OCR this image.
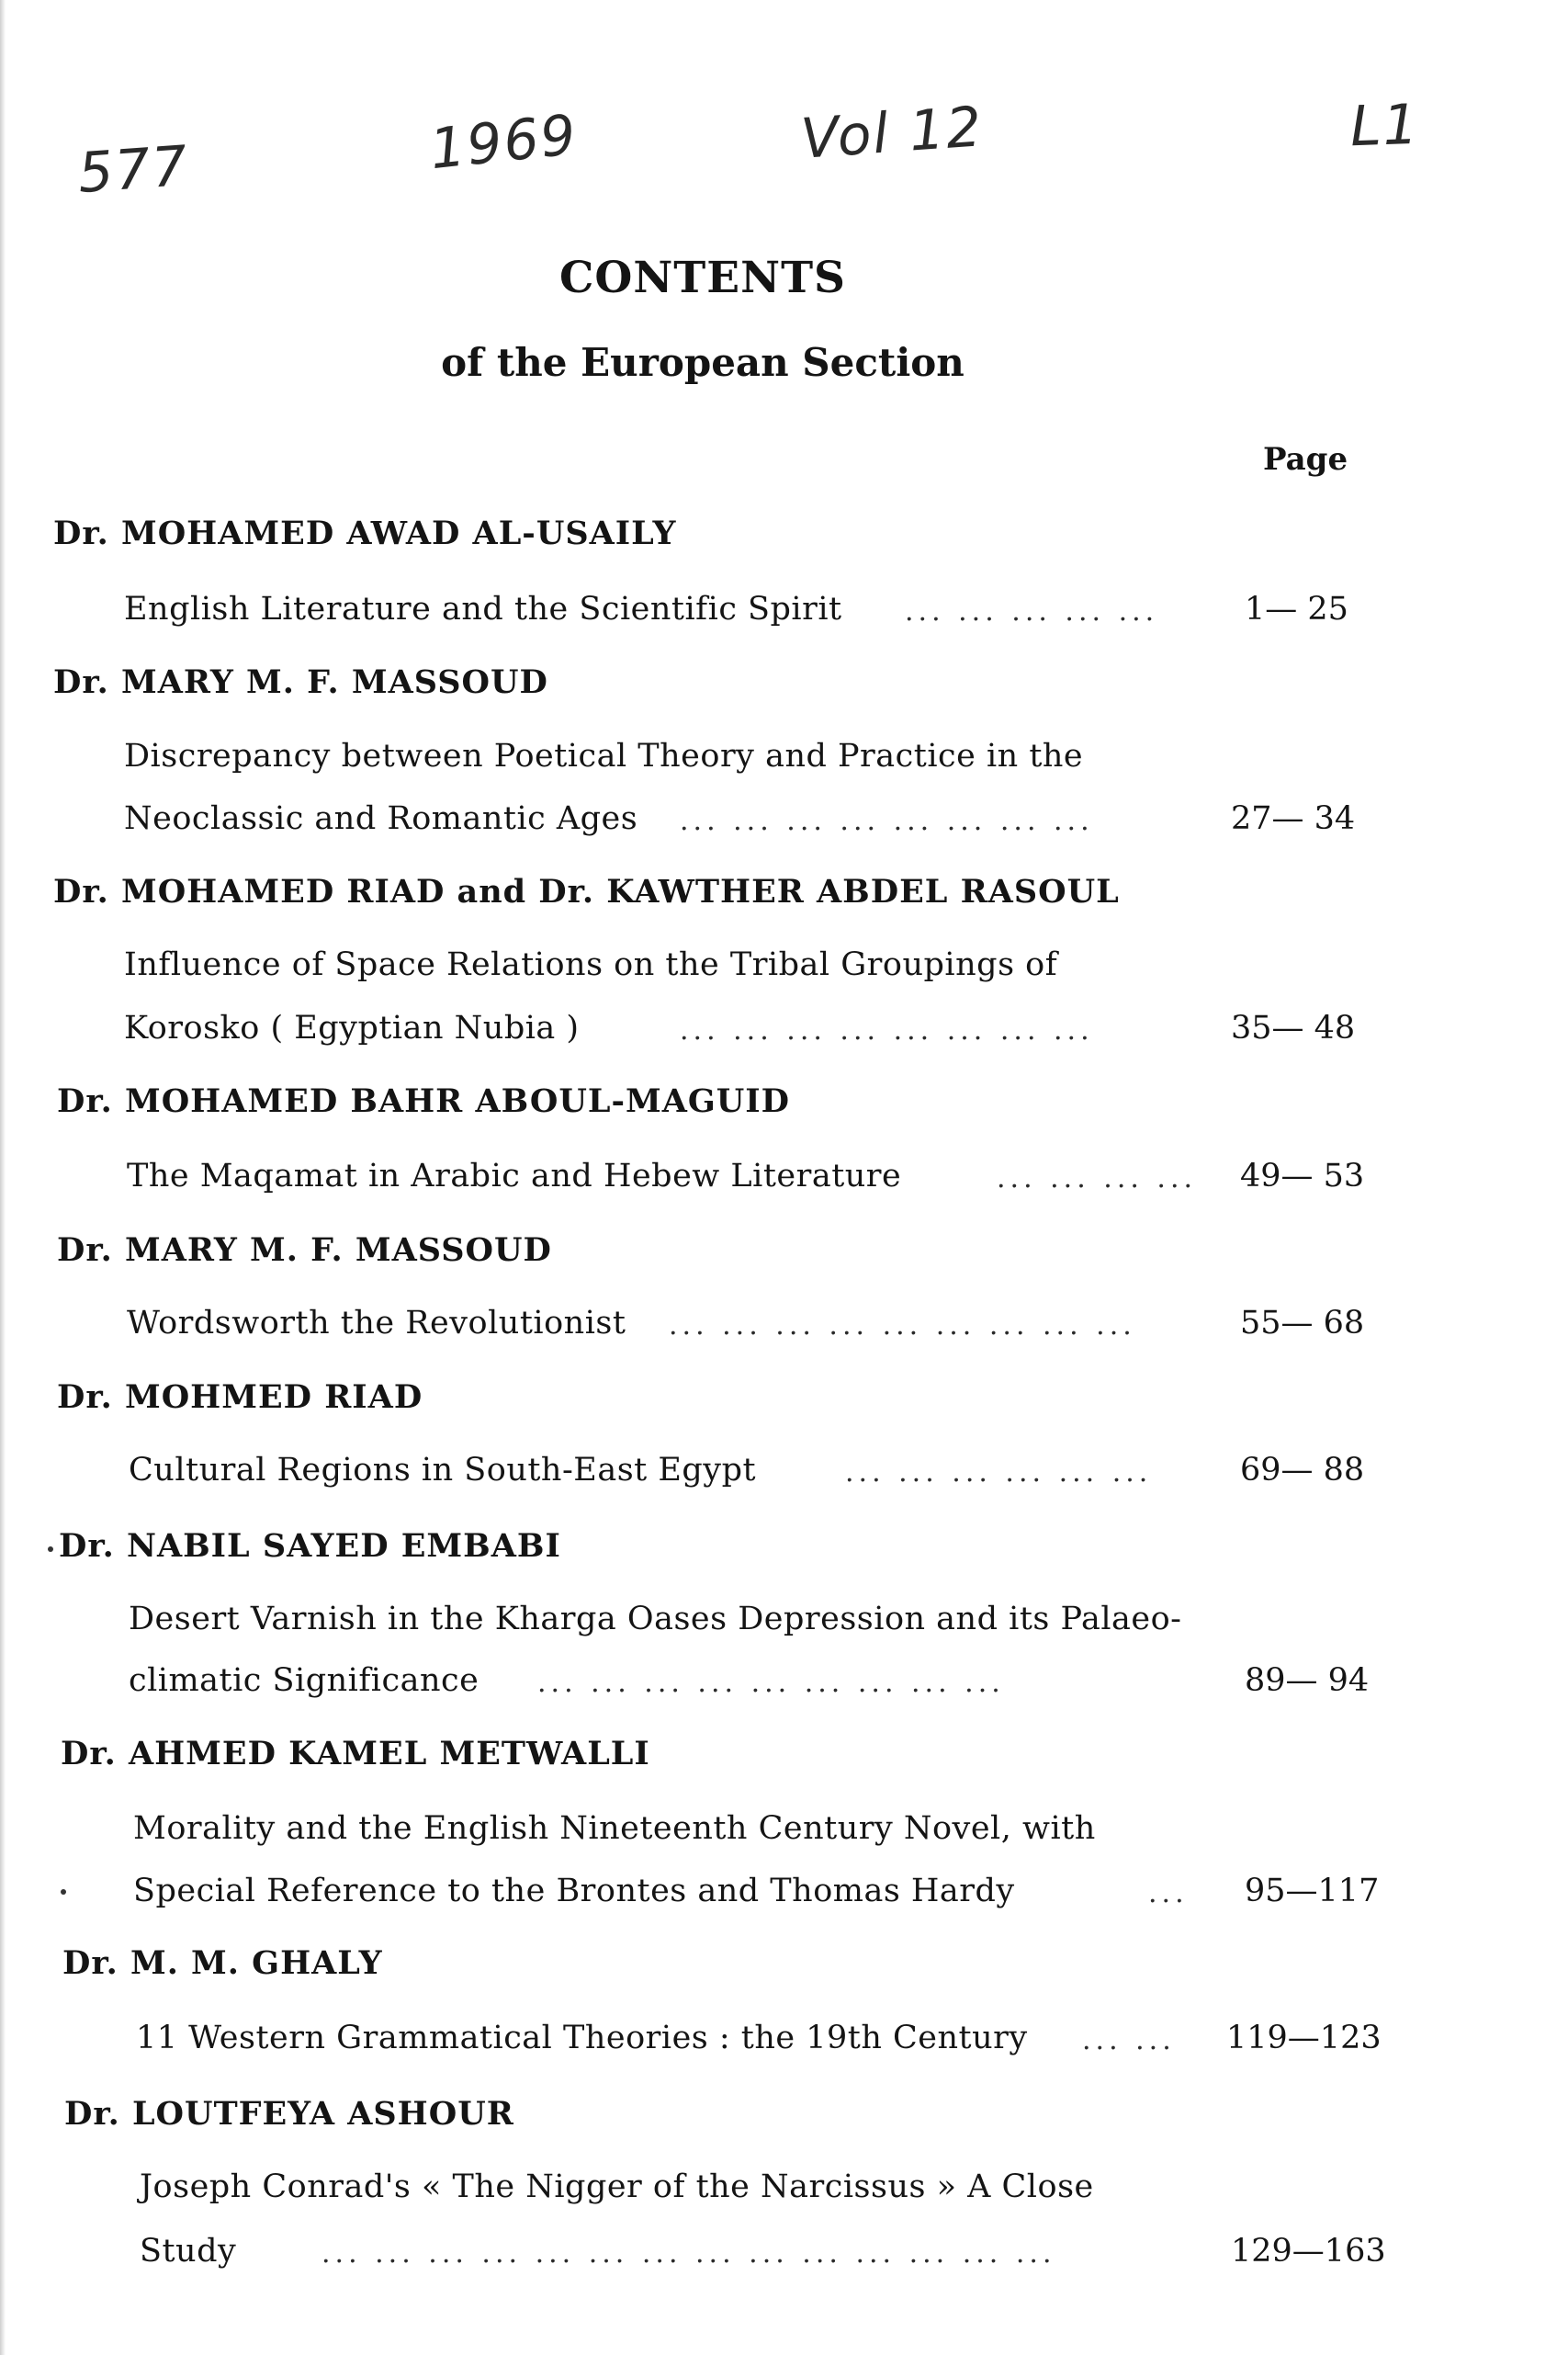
577	1969	Vol 12	L1
CONTENTS
of the European Section
Page
Dr. MOHAMED AWAD AL-USAILY
English Literature and the Scientific Spirit ... ... ... ... ...	1— 25
Dr. MARY M. F. MASSOUD
Discrepancy between Poetical Theory and Practice in the
Neoclassic and Romantic Ages ... ... ... ... ... ... ... ...	27— 34
Dr. MOHAMED RIAD and Dr. KAWTHER ABDEL RASOUL
Influence of Space Relations on the Tribal Groupings of
Korosko ( Egyptian Nubia )	... ... ... ... ... ... ... ...	35— 48
Dr. MOHAMED BAHR ABOUL-MAGUID
The Maqamat in Arabic and Hebew Literature	... ... ... ... 49— 53
Dr. MARY M. F. MASSOUD
Wordsworth the Revolutionist ... ... ... ... ... ... ... ... ...	55— 68
Dr. MOHMED RIAD
Cultural Regions in South-East Egypt	... ... ... ... ... ...	69— 88
Dr. NABIL SAYED EMBABI
Desert Varnish in the Kharga Oases Depression and its Palaeo-
climatic Significance ... ... ... ... ... ... ... ... ...	89— 94
Dr. AHMED KAMEL METWALLI
Morality and the English Nineteenth Century Novel, with
Special Reference to the Brontes and Thomas Hardy	... 95—117
Dr. M. M. GHALY
11 Western Grammatical Theories : the 19th Century ... ... 119—123
Dr. LOUTFEYA ASHOUR
Joseph Conrad's « The Nigger of the Narcissus » A Close
Study	... ... ... ... ... ... ... ... ... ... ... ... ... ...	129—163
